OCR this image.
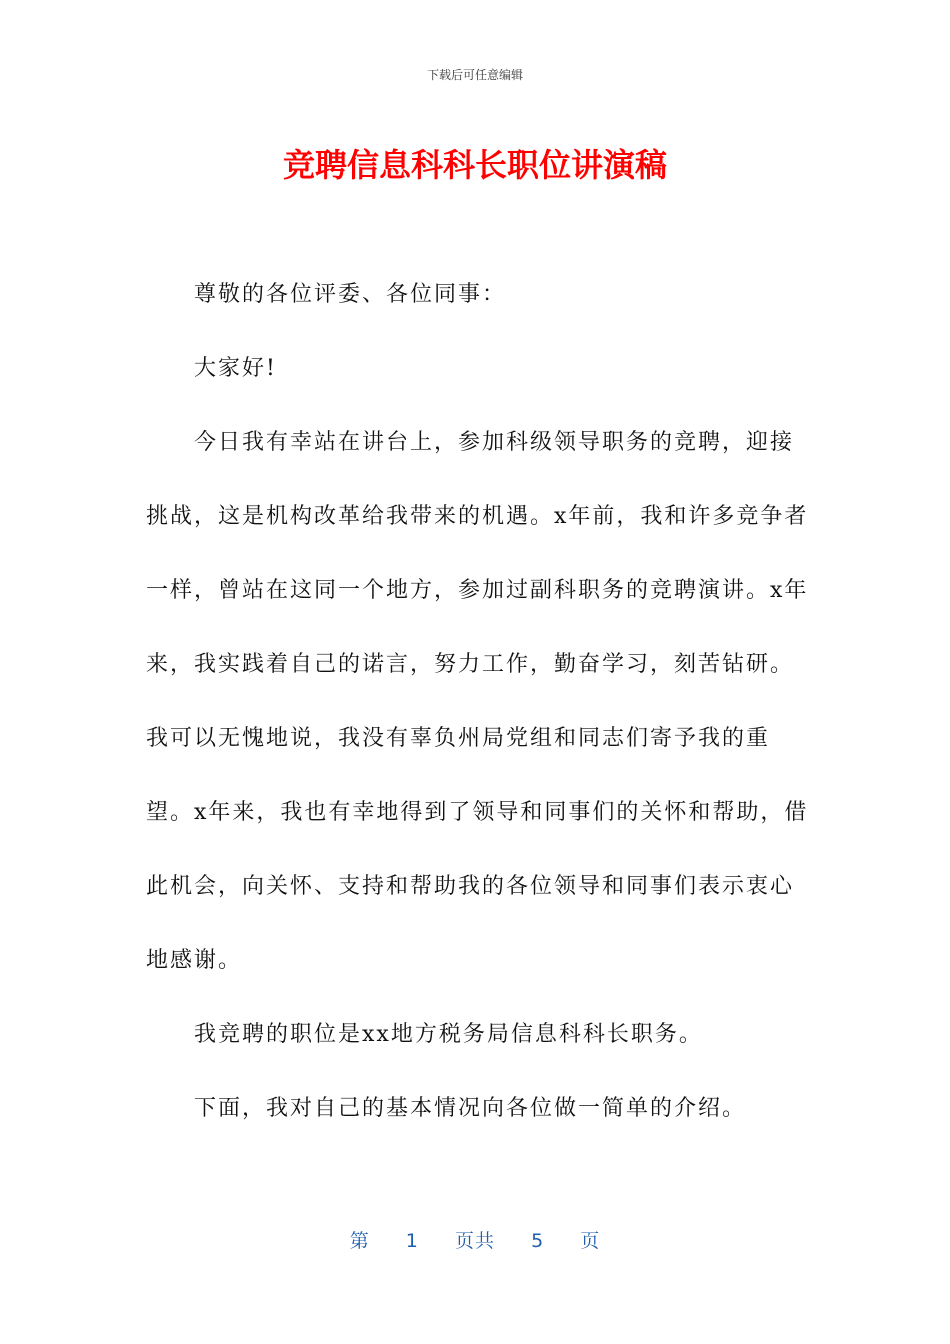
下载后可任意编辑
竞聘信息科科长职位讲演稿

尊敬的各位评委、各位同事：

大家好!

今日我有幸站在讲台上，参加科级领导职务的竞聘，迎接挑战，这是机构改革给我带来的机遇。x年前，我和许多竞争者一样，曾站在这同一个地方，参加过副科职务的竞聘演讲。x年来，我实践着自己的诺言，努力工作，勤奋学习，刻苦钻研。我可以无愧地说，我没有辜负州局党组和同志们寄予我的重望。x年来，我也有幸地得到了领导和同事们的关怀和帮助，借此机会，向关怀、支持和帮助我的各位领导和同事们表示衷心地感谢。

我竞聘的职位是xx地方税务局信息科科长职务。

下面，我对自己的基本情况向各位做一简单的介绍。

第 1 页共 5 页
